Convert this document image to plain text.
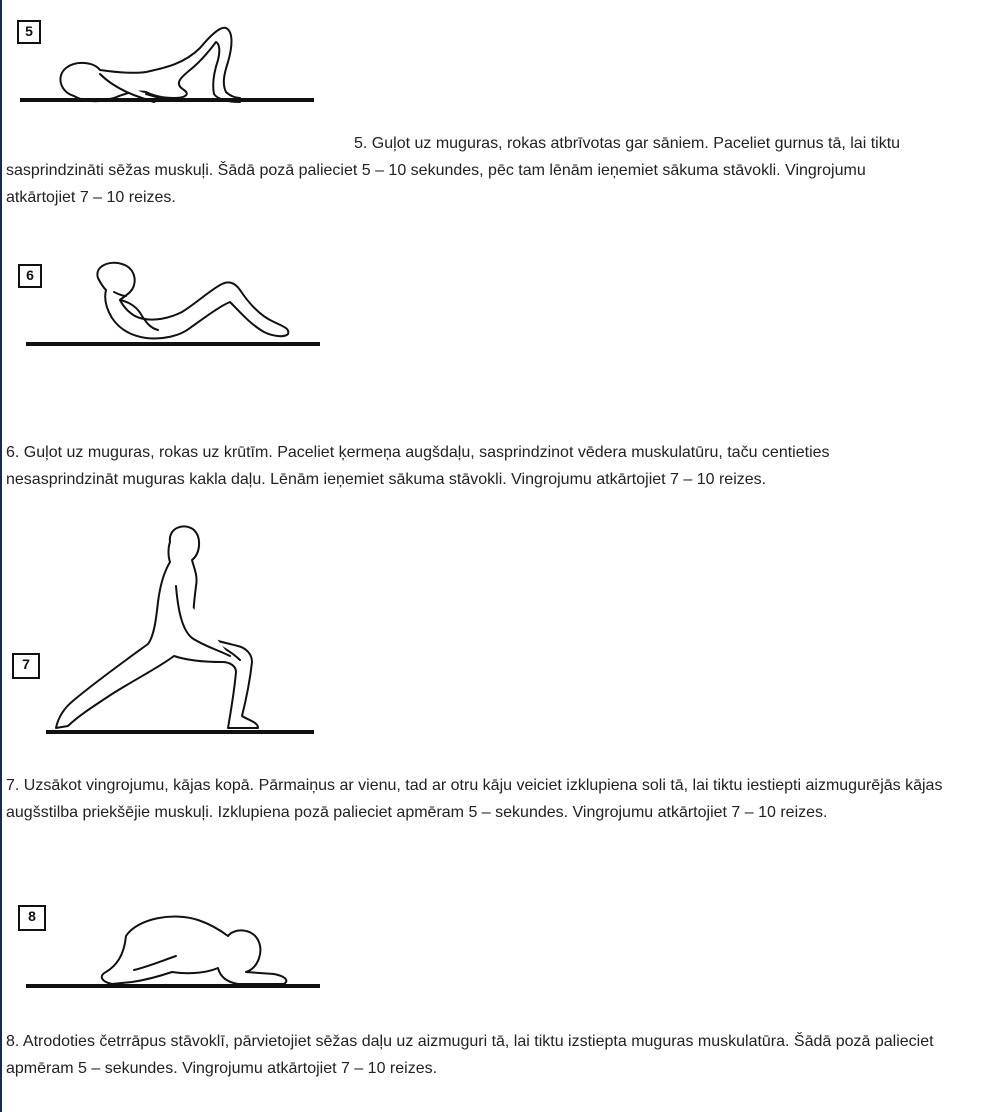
5

5. Guļot uz muguras, rokas atbrīvotas gar sāniem. Paceliet gurnus tā, lai tiktu
sasprindzināti sēžas muskuļi. Šādā pozā palieciet 5 – 10 sekundes, pēc tam lēnām ieņemiet sākuma stāvokli. Vingrojumu
atkārtojiet 7 – 10 reizes.

6

6. Guļot uz muguras, rokas uz krūtīm. Paceliet ķermeņa augšdaļu, sasprindzinot vēdera muskulatūru, taču centieties
nesasprindzināt muguras kakla daļu. Lēnām ieņemiet sākuma stāvokli. Vingrojumu atkārtojiet 7 – 10 reizes.

7

7. Uzsākot vingrojumu, kājas kopā. Pārmaiņus ar vienu, tad ar otru kāju veiciet izklupiena soli tā, lai tiktu iestiepti aizmugurējās kājas
augšstilba priekšējie muskuļi. Izklupiena pozā palieciet apmēram 5 – sekundes. Vingrojumu atkārtojiet 7 – 10 reizes.

8

8. Atrodoties četrrāpus stāvoklī, pārvietojiet sēžas daļu uz aizmuguri tā, lai tiktu izstiepta muguras muskulatūra. Šādā pozā palieciet
apmēram 5 – sekundes. Vingrojumu atkārtojiet 7 – 10 reizes.
